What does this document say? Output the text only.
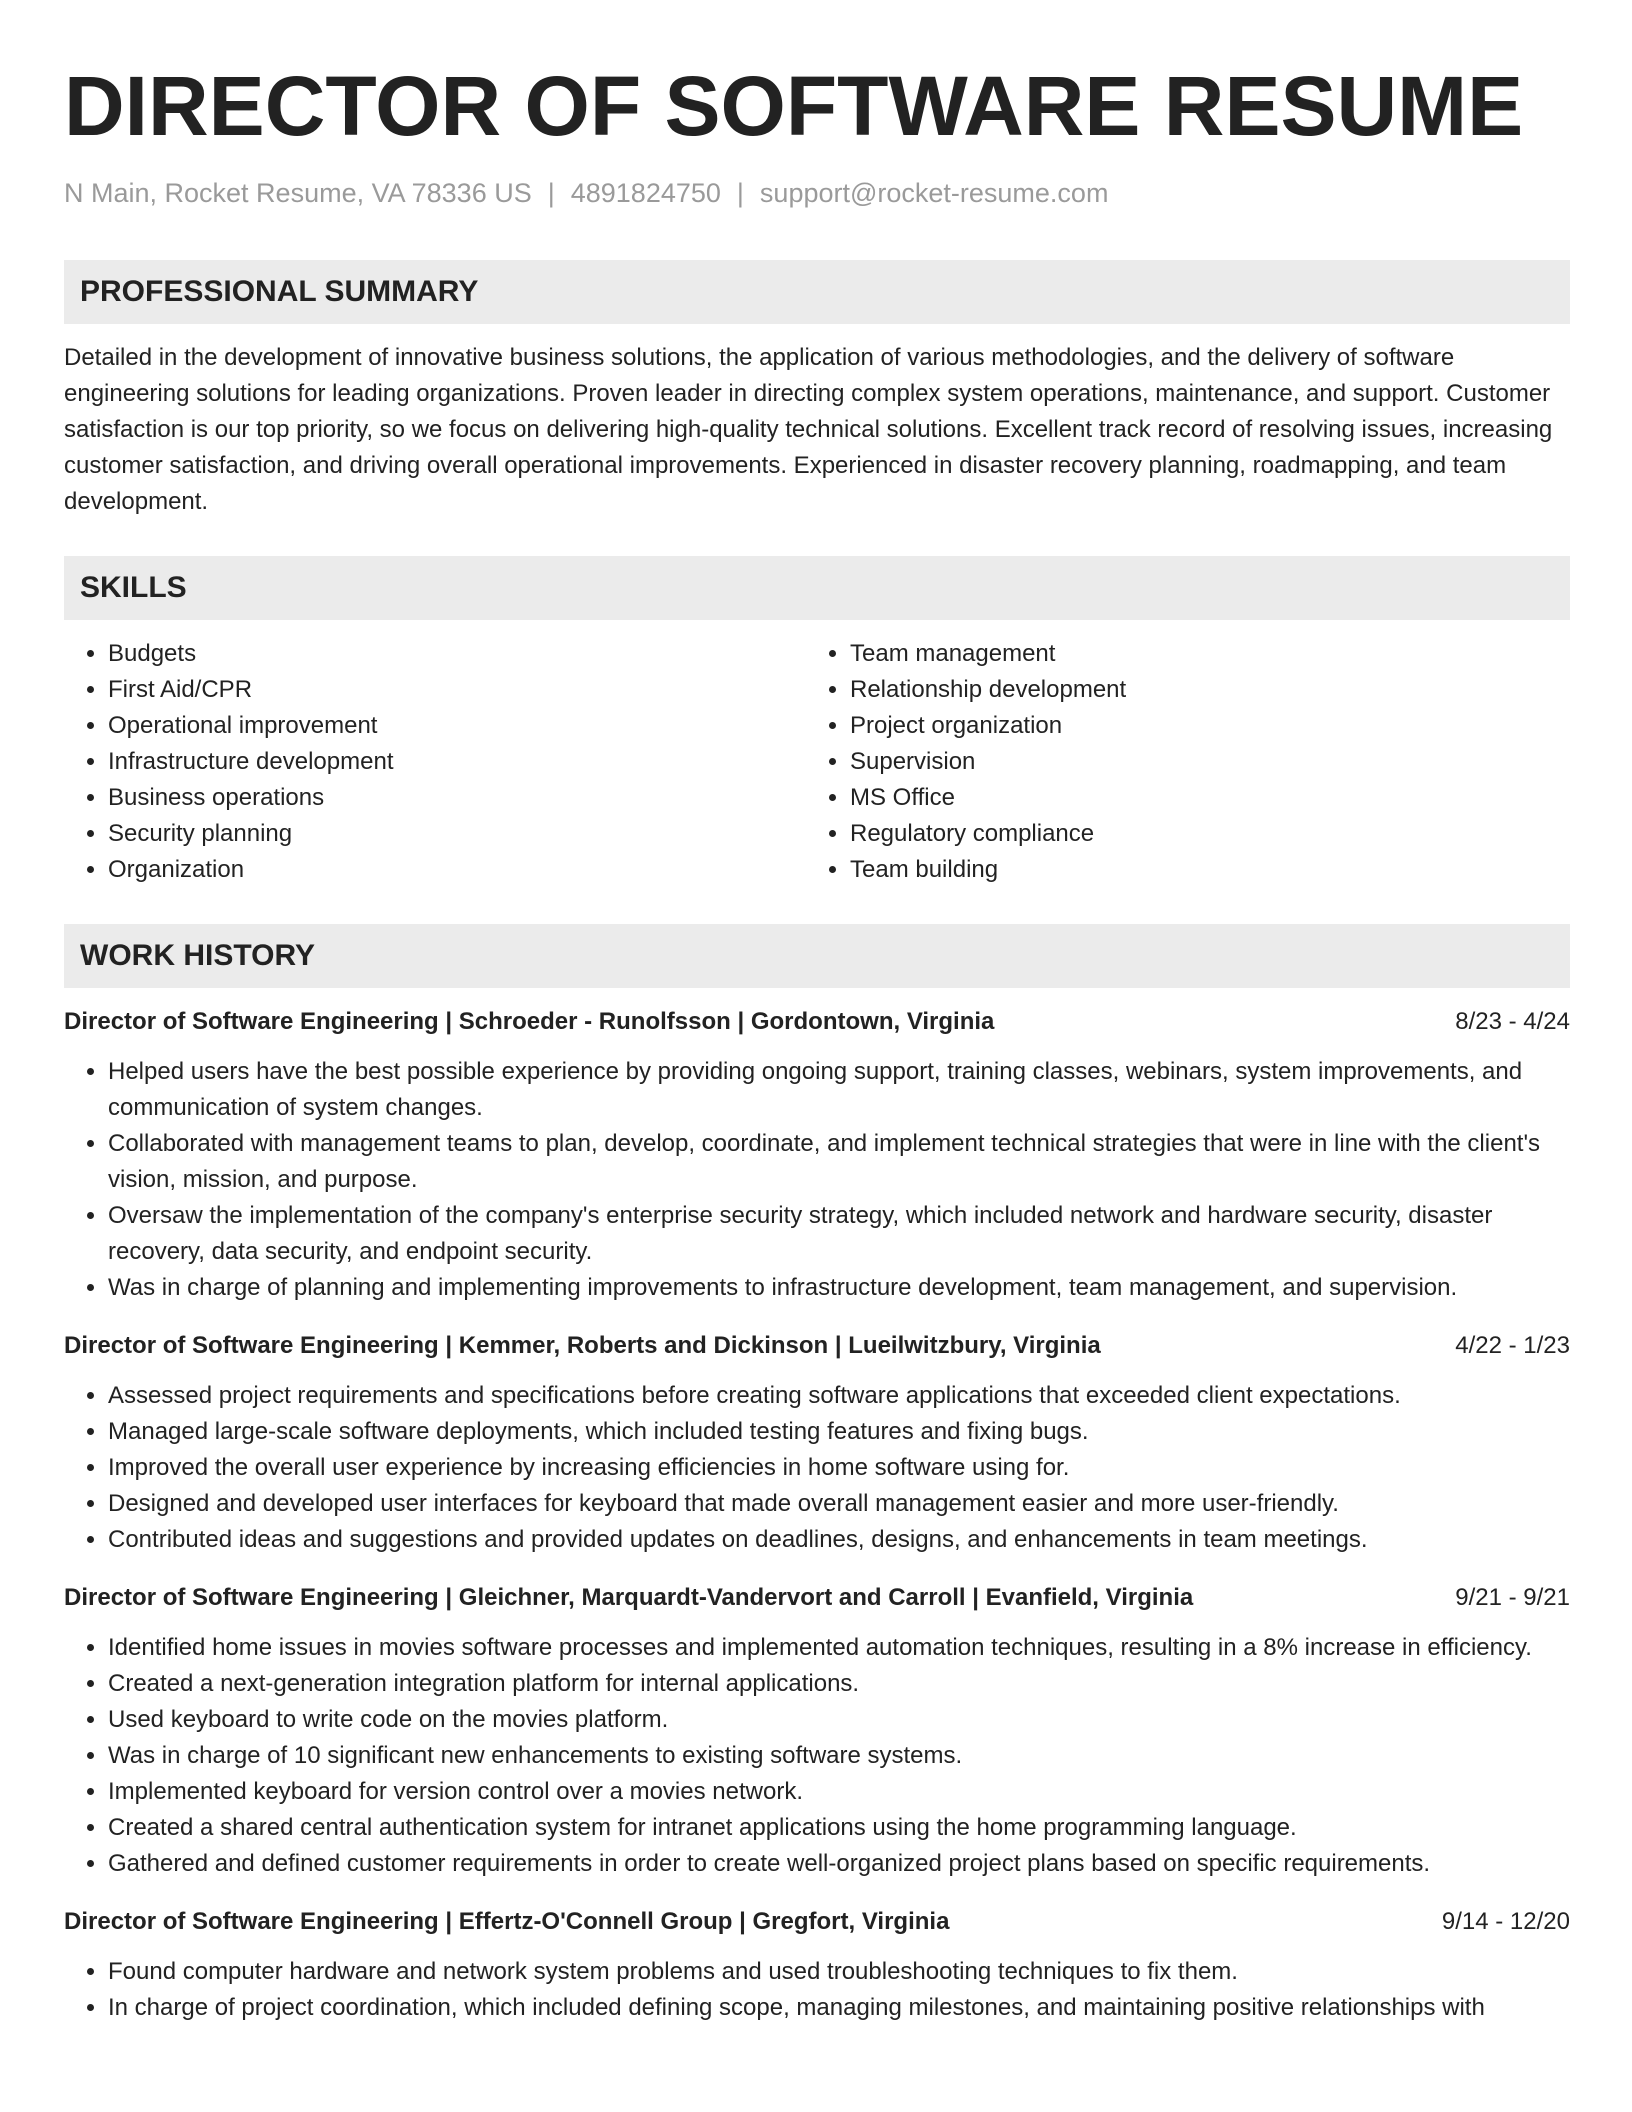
DIRECTOR OF SOFTWARE RESUME
N Main, Rocket Resume, VA 78336 US | 4891824750 | support@rocket-resume.com
PROFESSIONAL SUMMARY
Detailed in the development of innovative business solutions, the application of various methodologies, and the delivery of software engineering solutions for leading organizations. Proven leader in directing complex system operations, maintenance, and support. Customer satisfaction is our top priority, so we focus on delivering high-quality technical solutions. Excellent track record of resolving issues, increasing customer satisfaction, and driving overall operational improvements. Experienced in disaster recovery planning, roadmapping, and team development.
SKILLS
• Budgets
• First Aid/CPR
• Operational improvement
• Infrastructure development
• Business operations
• Security planning
• Organization
• Team management
• Relationship development
• Project organization
• Supervision
• MS Office
• Regulatory compliance
• Team building
WORK HISTORY
Director of Software Engineering | Schroeder - Runolfsson | Gordontown, Virginia	8/23 - 4/24
• Helped users have the best possible experience by providing ongoing support, training classes, webinars, system improvements, and communication of system changes.
• Collaborated with management teams to plan, develop, coordinate, and implement technical strategies that were in line with the client's vision, mission, and purpose.
• Oversaw the implementation of the company's enterprise security strategy, which included network and hardware security, disaster recovery, data security, and endpoint security.
• Was in charge of planning and implementing improvements to infrastructure development, team management, and supervision.
Director of Software Engineering | Kemmer, Roberts and Dickinson | Lueilwitzbury, Virginia	4/22 - 1/23
• Assessed project requirements and specifications before creating software applications that exceeded client expectations.
• Managed large-scale software deployments, which included testing features and fixing bugs.
• Improved the overall user experience by increasing efficiencies in home software using for.
• Designed and developed user interfaces for keyboard that made overall management easier and more user-friendly.
• Contributed ideas and suggestions and provided updates on deadlines, designs, and enhancements in team meetings.
Director of Software Engineering | Gleichner, Marquardt-Vandervort and Carroll | Evanfield, Virginia	9/21 - 9/21
• Identified home issues in movies software processes and implemented automation techniques, resulting in a 8% increase in efficiency.
• Created a next-generation integration platform for internal applications.
• Used keyboard to write code on the movies platform.
• Was in charge of 10 significant new enhancements to existing software systems.
• Implemented keyboard for version control over a movies network.
• Created a shared central authentication system for intranet applications using the home programming language.
• Gathered and defined customer requirements in order to create well-organized project plans based on specific requirements.
Director of Software Engineering | Effertz-O'Connell Group | Gregfort, Virginia	9/14 - 12/20
• Found computer hardware and network system problems and used troubleshooting techniques to fix them.
• In charge of project coordination, which included defining scope, managing milestones, and maintaining positive relationships with
